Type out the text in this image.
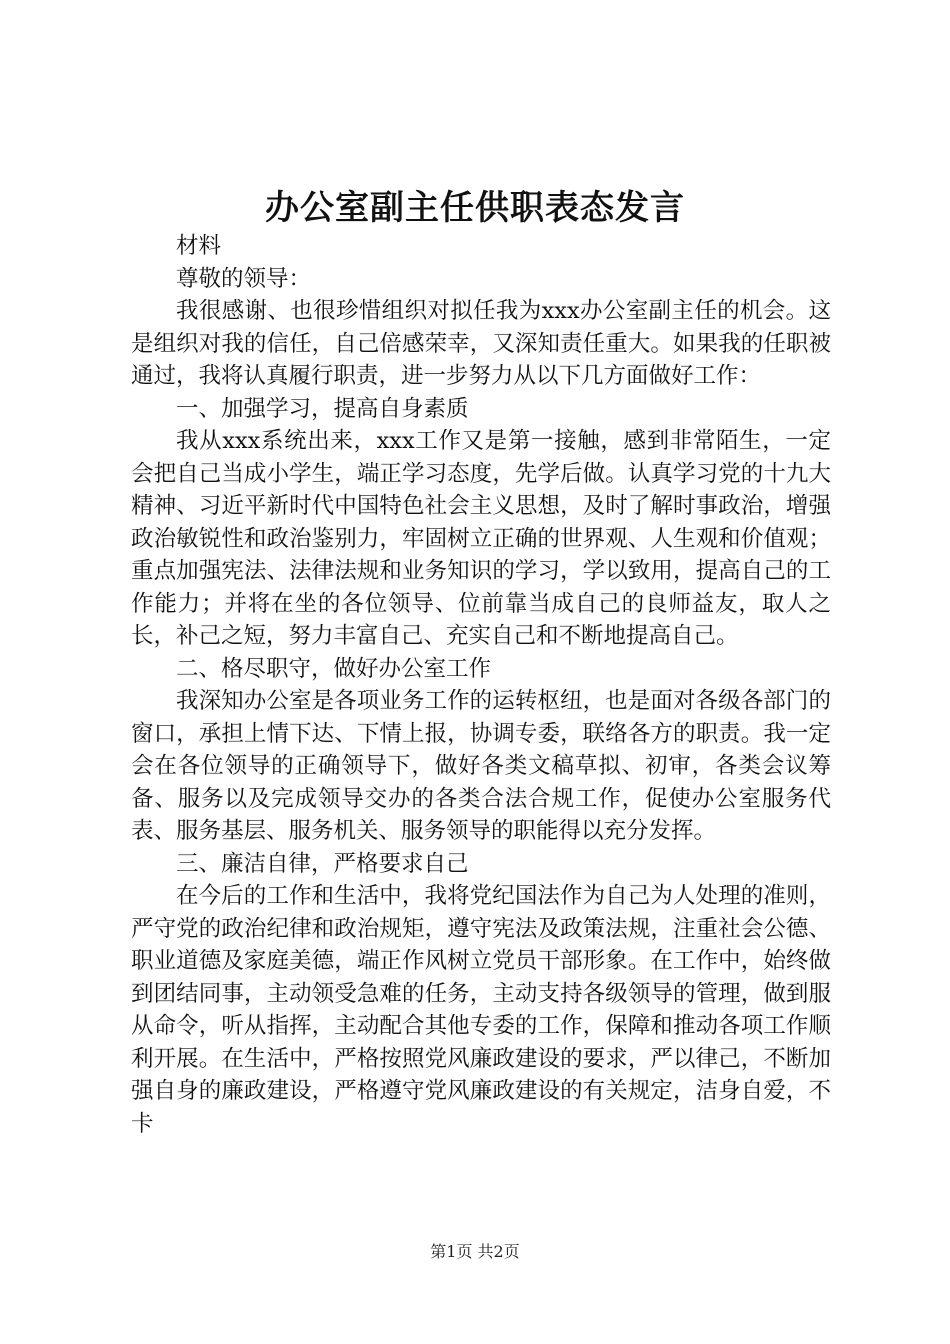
办公室副主任供职表态发言

材料

尊敬的领导：

我很感谢、也很珍惜组织对拟任我为xxx办公室副主任的机会。这是组织对我的信任，自己倍感荣幸，又深知责任重大。如果我的任职被通过，我将认真履行职责，进一步努力从以下几方面做好工作：

一、加强学习，提高自身素质

我从xxx系统出来，xxx工作又是第一接触，感到非常陌生，一定会把自己当成小学生，端正学习态度，先学后做。认真学习党的十九大精神、习近平新时代中国特色社会主义思想，及时了解时事政治，增强政治敏锐性和政治鉴别力，牢固树立正确的世界观、人生观和价值观；重点加强宪法、法律法规和业务知识的学习，学以致用，提高自己的工作能力；并将在坐的各位领导、位前靠当成自己的良师益友，取人之长，补己之短，努力丰富自己、充实自己和不断地提高自己。

二、格尽职守，做好办公室工作

我深知办公室是各项业务工作的运转枢纽，也是面对各级各部门的窗口，承担上情下达、下情上报，协调专委，联络各方的职责。我一定会在各位领导的正确领导下，做好各类文稿草拟、初审，各类会议筹备、服务以及完成领导交办的各类合法合规工作，促使办公室服务代表、服务基层、服务机关、服务领导的职能得以充分发挥。

三、廉洁自律，严格要求自己

在今后的工作和生活中，我将党纪国法作为自己为人处理的准则，严守党的政治纪律和政治规矩，遵守宪法及政策法规，注重社会公德、职业道德及家庭美德，端正作风树立党员干部形象。在工作中，始终做到团结同事，主动领受急难的任务，主动支持各级领导的管理，做到服从命令，听从指挥，主动配合其他专委的工作，保障和推动各项工作顺利开展。在生活中，严格按照党风廉政建设的要求，严以律己，不断加强自身的廉政建设，严格遵守党风廉政建设的有关规定，洁身自爱，不卡

第1页 共2页
